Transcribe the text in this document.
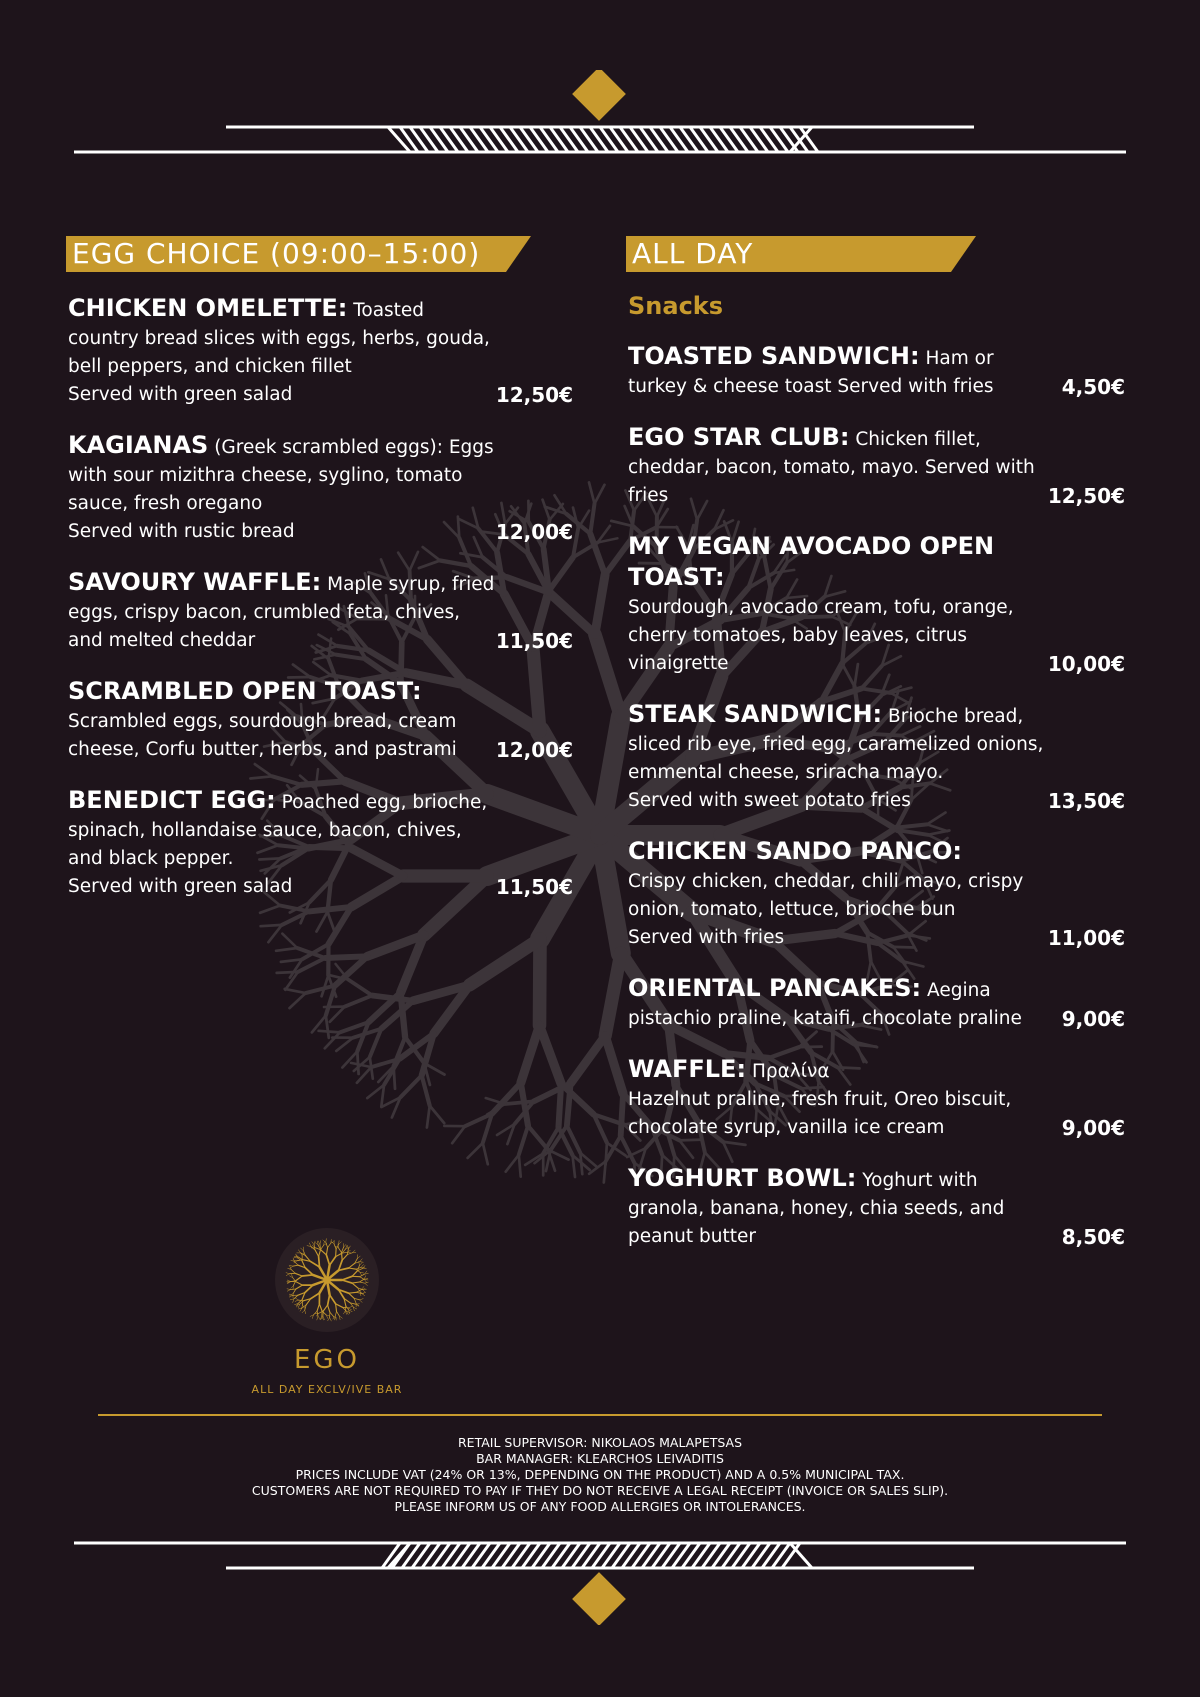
EGG CHOICE (09:00–15:00)
CHICKEN OMELETTE: Toasted country bread slices with eggs, herbs, gouda, bell peppers, and chicken fillet
Served with green salad	12,50€
KAGIANAS (Greek scrambled eggs): Eggs with sour mizithra cheese, syglino, tomato sauce, fresh oregano
Served with rustic bread	12,00€
SAVOURY WAFFLE: Maple syrup, fried eggs, crispy bacon, crumbled feta, chives, and melted cheddar	11,50€
SCRAMBLED OPEN TOAST:
Scrambled eggs, sourdough bread, cream cheese, Corfu butter, herbs, and pastrami 12,00€
BENEDICT EGG: Poached egg, brioche, spinach, hollandaise sauce, bacon, chives, and black pepper.
Served with green salad	11,50€
ALL DAY
Snacks
TOASTED SANDWICH: Ham or turkey & cheese toast Served with fries	4,50€
EGO STAR CLUB: Chicken fillet, cheddar, bacon, tomato, mayo. Served with fries	12,50€
MY VEGAN AVOCADO OPEN TOAST:
Sourdough, avocado cream, tofu, orange, cherry tomatoes, baby leaves, citrus vinaigrette	10,00€
STEAK SANDWICH: Brioche bread, sliced rib eye, fried egg, caramelized onions, emmental cheese, sriracha mayo.
Served with sweet potato fries	13,50€
CHICKEN SANDO PANCO:
Crispy chicken, cheddar, chili mayo, crispy onion, tomato, lettuce, brioche bun
Served with fries	11,00€
ORIENTAL PANCAKES: Aegina pistachio praline, kataifi, chocolate praline 9,00€
WAFFLE: Πραλίνα
Hazelnut praline, fresh fruit, Oreo biscuit, chocolate syrup, vanilla ice cream	9,00€
YOGHURT BOWL: Yoghurt with granola, banana, honey, chia seeds, and peanut butter	8,50€
EGO
ALL DAY EXCLV/IVE BAR
RETAIL SUPERVISOR: NIKOLAOS MALAPETSAS
BAR MANAGER: KLEARCHOS LEIVADITIS
PRICES INCLUDE VAT (24% OR 13%, DEPENDING ON THE PRODUCT) AND A 0.5% MUNICIPAL TAX.
CUSTOMERS ARE NOT REQUIRED TO PAY IF THEY DO NOT RECEIVE A LEGAL RECEIPT (INVOICE OR SALES SLIP).
PLEASE INFORM US OF ANY FOOD ALLERGIES OR INTOLERANCES.
